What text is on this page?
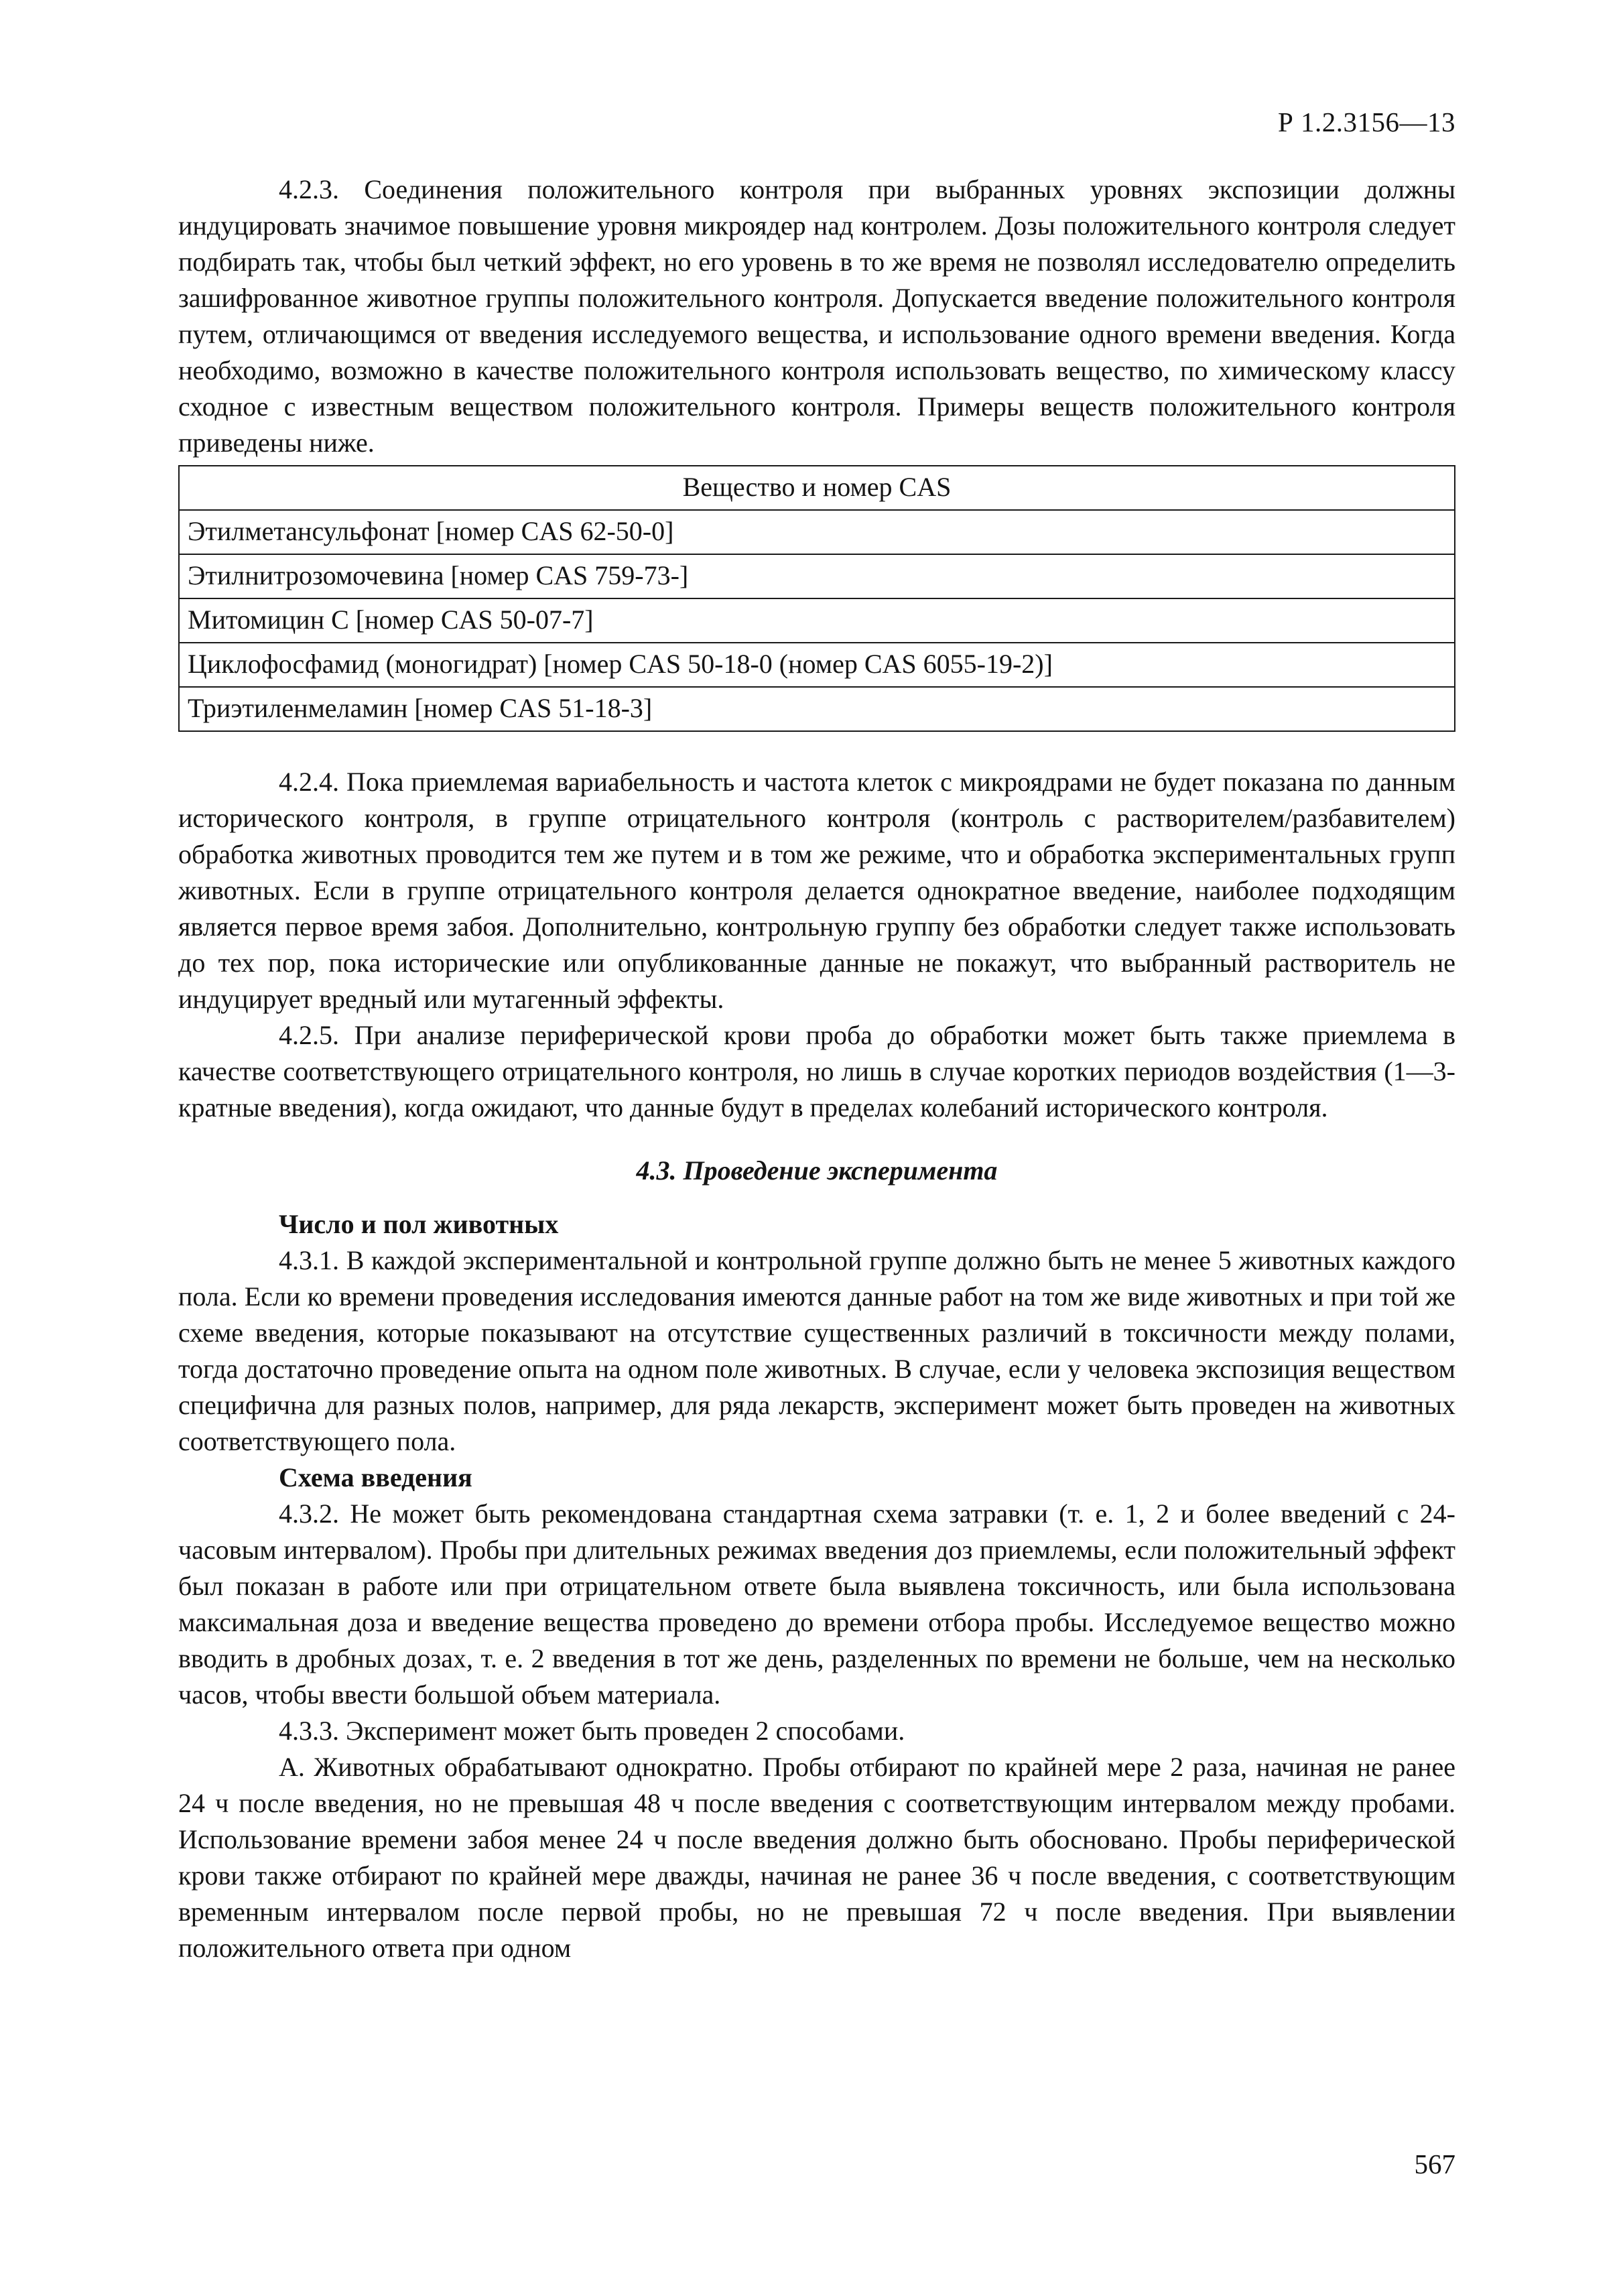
Р 1.2.3156—13

4.2.3. Соединения положительного контроля при выбранных уровнях экспозиции должны индуцировать значимое повышение уровня микроядер над контролем. Дозы положительного контроля следует подбирать так, чтобы был четкий эффект, но его уровень в то же время не позволял исследователю определить зашифрованное животное группы положительного контроля. Допускается введение положительного контроля путем, отличающимся от введения исследуемого вещества, и использование одного времени введения. Когда необходимо, возможно в качестве положительного контроля использовать вещество, по химическому классу сходное с известным веществом положительного контроля. Примеры веществ положительного контроля приведены ниже.

Вещество и номер CAS
Этилметансульфонат [номер CAS 62-50-0]
Этилнитрозомочевина [номер CAS 759-73-]
Митомицин С [номер CAS 50-07-7]
Циклофосфамид (моногидрат) [номер CAS 50-18-0 (номер CAS 6055-19-2)]
Триэтиленмеламин [номер CAS 51-18-3]

4.2.4. Пока приемлемая вариабельность и частота клеток с микроядрами не будет показана по данным исторического контроля, в группе отрицательного контроля (контроль с растворителем/разбавителем) обработка животных проводится тем же путем и в том же режиме, что и обработка экспериментальных групп животных. Если в группе отрицательного контроля делается однократное введение, наиболее подходящим является первое время забоя. Дополнительно, контрольную группу без обработки следует также использовать до тех пор, пока исторические или опубликованные данные не покажут, что выбранный растворитель не индуцирует вредный или мутагенный эффекты.

4.2.5. При анализе периферической крови проба до обработки может быть также приемлема в качестве соответствующего отрицательного контроля, но лишь в случае коротких периодов воздействия (1—3-кратные введения), когда ожидают, что данные будут в пределах колебаний исторического контроля.

4.3. Проведение эксперимента
Число и пол животных

4.3.1. В каждой экспериментальной и контрольной группе должно быть не менее 5 животных каждого пола. Если ко времени проведения исследования имеются данные работ на том же виде животных и при той же схеме введения, которые показывают на отсутствие существенных различий в токсичности между полами, тогда достаточно проведение опыта на одном поле животных. В случае, если у человека экспозиция веществом специфична для разных полов, например, для ряда лекарств, эксперимент может быть проведен на животных соответствующего пола.

Схема введения

4.3.2. Не может быть рекомендована стандартная схема затравки (т. е. 1, 2 и более введений с 24-часовым интервалом). Пробы при длительных режимах введения доз приемлемы, если положительный эффект был показан в работе или при отрицательном ответе была выявлена токсичность, или была использована максимальная доза и введение вещества проведено до времени отбора пробы. Исследуемое вещество можно вводить в дробных дозах, т. е. 2 введения в тот же день, разделенных по времени не больше, чем на несколько часов, чтобы ввести большой объем материала.

4.3.3. Эксперимент может быть проведен 2 способами.

А. Животных обрабатывают однократно. Пробы отбирают по крайней мере 2 раза, начиная не ранее 24 ч после введения, но не превышая 48 ч после введения с соответствующим интервалом между пробами. Использование времени забоя менее 24 ч после введения должно быть обосновано. Пробы периферической крови также отбирают по крайней мере дважды, начиная не ранее 36 ч после введения, с соответствующим временным интервалом после первой пробы, но не превышая 72 ч после введения. При выявлении положительного ответа при одном

567
